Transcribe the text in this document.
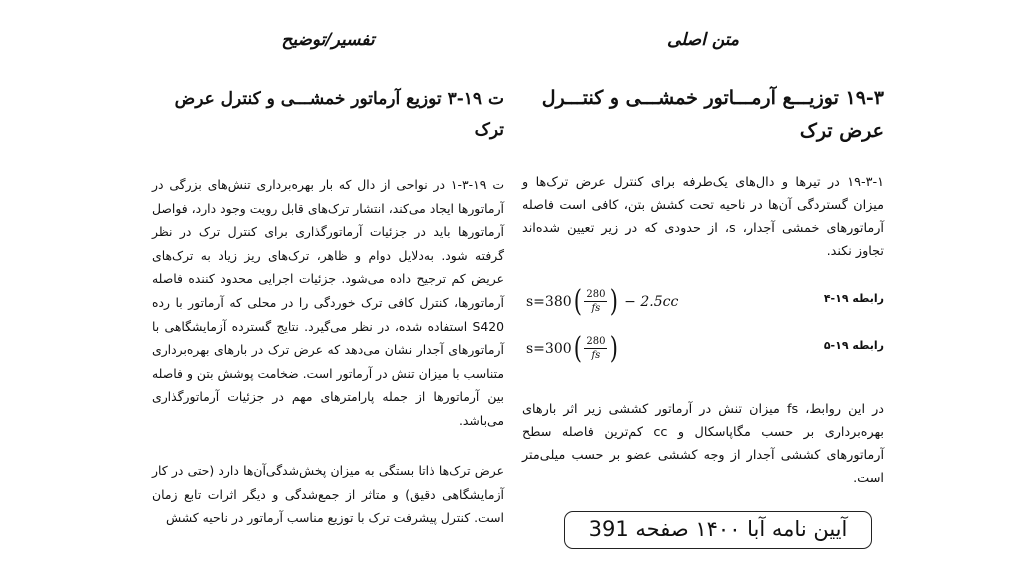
متن اصلی
۱۹-۳ توزیـــع آرمـــاتور خمشـــی و کنتـــرل عرض ترک
۱۹-۳-۱ در تیرها و دال‌های یک‌طرفه برای کنترل عرض ترک‌ها و میزان گستردگی آن‌ها در ناحیه تحت کشش بتن، کافی است فاصله آرماتورهای خمشی آجدار، s، از حدودی که در زیر تعیین شده‌اند تجاوز نکند.
رابطه ۱۹-۴
s=380 ( $\frac{280}{fs}$ ) − 2.5cc
رابطه ۱۹-۵
s=300 ( $\frac{280}{fs}$ )
در این روابط، fs میزان تنش در آرماتور کششی زیر اثر بارهای بهره‌برداری بر حسب مگاپاسکال و cc کم‌ترین فاصله سطح آرماتورهای کششی آجدار از وجه کششی عضو بر حسب میلی‌متر است.
تفسیر/توضیح
ت ۱۹-۳ توزیع آرماتور خمشـــی و کنترل عرض ترک
ت ۱۹-۳-۱ در نواحی از دال که بار بهره‌برداری تنش‌های بزرگی در آرماتورها ایجاد می‌کند، انتشار ترک‌های قابل رویت وجود دارد، فواصل آرماتورها باید در جزئیات آرماتورگذاری برای کنترل ترک در نظر گرفته شود. به‌دلایل دوام و ظاهر، ترک‌های ریز زیاد به ترک‌های عریض کم ترجیح داده می‌شود. جزئیات اجرایی محدود کننده فاصله آرماتورها، کنترل کافی ترک خوردگی را در محلی که آرماتور با رده S420 استفاده شده، در نظر می‌گیرد. نتایج گسترده آزمایشگاهی با آرماتورهای آجدار نشان می‌دهد که عرض ترک در بارهای بهره‌برداری متناسب با میزان تنش در آرماتور است. ضخامت پوشش بتن و فاصله بین آرماتورها از جمله پارامترهای مهم در جزئیات آرماتورگذاری می‌باشد.
عرض ترک‌ها ذاتا بستگی به میزان پخش‌شدگی‌آن‌ها دارد (حتی در کار آزمایشگاهی دقیق) و متاثر از جمع‌شدگی و دیگر اثرات تابع زمان است. کنترل پیشرفت ترک با توزیع مناسب آرماتور در ناحیه کشش	آیین نامه آبا ۱۴۰۰ صفحه 391
